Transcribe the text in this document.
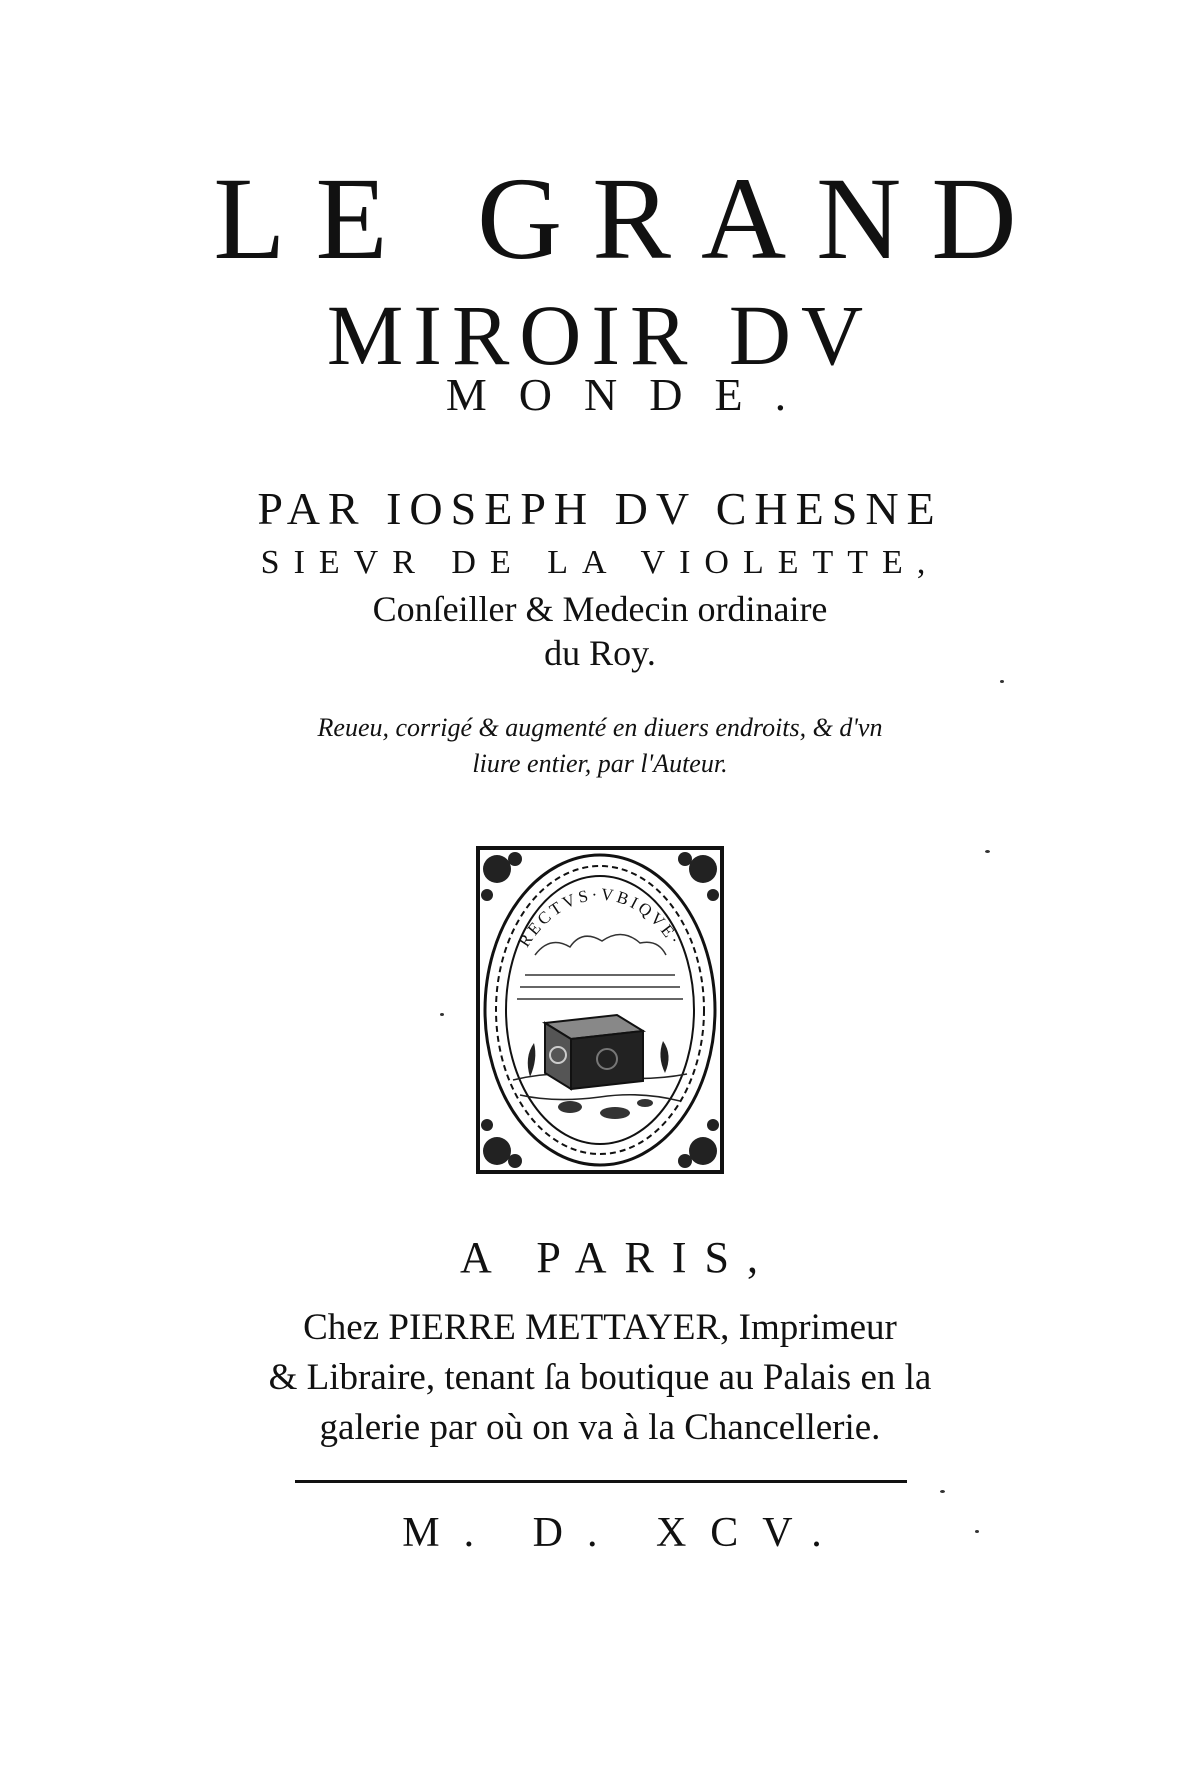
LE GRAND
MIROIR DV
MONDE.
PAR IOSEPH DV CHESNE
SIEVR DE LA VIOLETTE,
Conſeiller & Medecin ordinaire
du Roy.
Reueu, corrigé & augmenté en diuers endroits, & d'vn
liure entier, par l'Auteur.
RECTVS·VBIQVE·
A PARIS,
Chez PIERRE METTAYER, Imprimeur
& Libraire, tenant ſa boutique au Palais en la
galerie par où on va à la Chancellerie.
M. D. XCV.
